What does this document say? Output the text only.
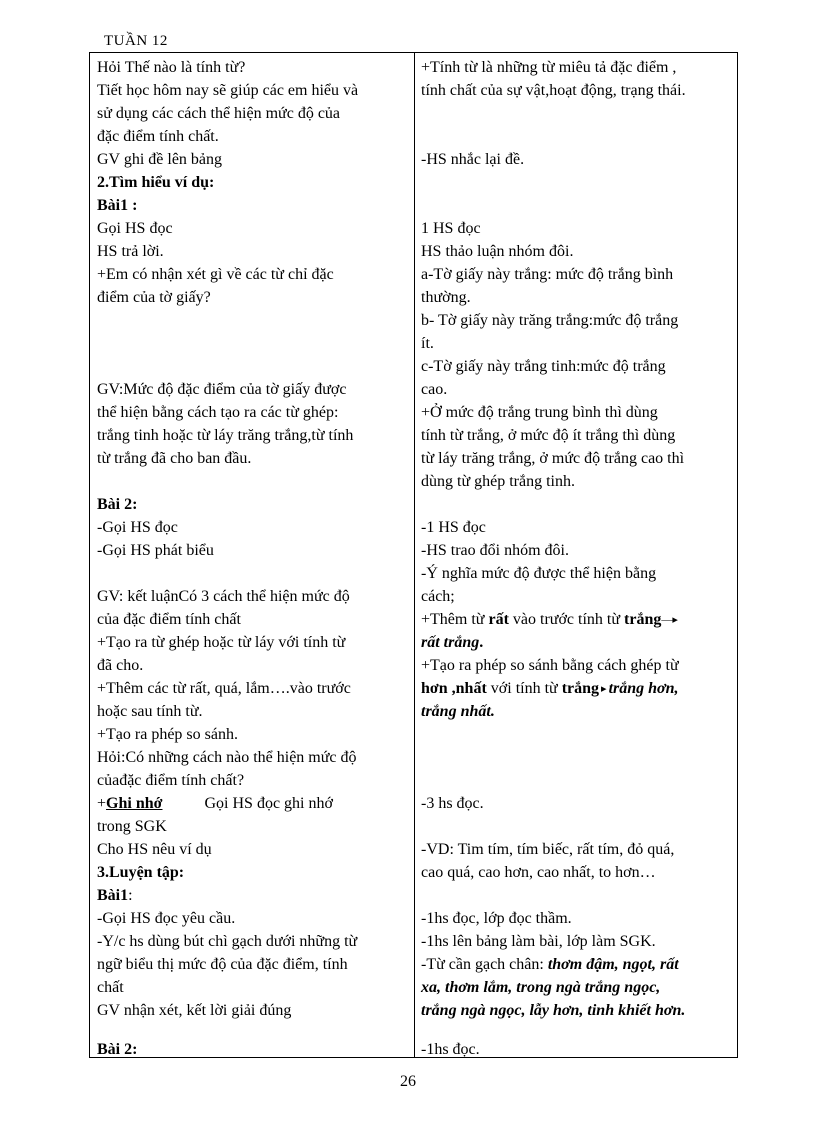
TUẦN 12
Hỏi Thế nào là tính từ?
Tiết học hôm nay sẽ giúp các em hiểu và
sử dụng các cách thể hiện mức độ của
đặc điểm tính chất.
GV ghi đề lên bảng
2.Tìm hiểu ví dụ:
Bài1 :
Gọi HS đọc
HS trả lời.
+Em có nhận xét gì về các từ chỉ đặc
điểm của tờ giấy?
GV:Mức độ đặc điểm của tờ giấy được
thể hiện bằng cách tạo ra các từ ghép:
trắng tinh hoặc từ láy trăng trắng,từ tính
từ trắng đã cho ban đầu.
Bài 2:
-Gọi HS đọc
-Gọi HS phát biểu
GV: kết luậnCó 3 cách thể hiện mức độ
của đặc điểm tính chất
+Tạo ra từ ghép hoặc từ láy với tính từ
đã cho.
+Thêm các từ rất, quá, lắm….vào trước
hoặc sau tính từ.
+Tạo ra phép so sánh.
Hỏi:Có những cách nào thể hiện mức độ
củađặc điểm tính chất?
+Ghi nhớ	Gọi HS đọc ghi nhớ
trong SGK
Cho HS nêu ví dụ
3.Luyện tập:
Bài1:
-Gọi HS đọc yêu cầu.
-Y/c hs dùng bút chì gạch dưới những từ
ngữ biểu thị mức độ của đặc điểm, tính
chất
GV nhận xét, kết lời giải đúng
Bài 2:
+Tính từ là những từ miêu tả đặc điểm ,
tính chất của sự vật,hoạt động, trạng thái.
-HS nhắc lại đề.
1 HS đọc
HS thảo luận nhóm đôi.
a-Tờ giấy này trắng: mức độ trắng bình
thường.
b- Tờ giấy này trăng trắng:mức độ trắng
ít.
c-Tờ giấy này trắng tinh:mức độ trắng
cao.
+Ở mức độ trắng trung bình thì dùng
tính từ trắng, ở mức độ ít trắng thì dùng
từ láy trăng trắng, ở mức độ trắng cao thì
dùng từ ghép trắng tinh.
-1 HS đọc
-HS trao đổi nhóm đôi.
-Ý nghĩa mức độ được thể hiện bằng
cách;
+Thêm từ rất vào trước tính từ trắng—▸
rất trắng.
+Tạo ra phép so sánh bằng cách ghép từ
hơn ,nhất với tính từ trắng ▸ trắng hơn,
trắng nhất.
-3 hs đọc.
-VD: Tim tím, tím biếc, rất tím, đỏ quá,
cao quá, cao hơn, cao nhất, to hơn…
-1hs đọc, lớp đọc thầm.
-1hs lên bảng làm bài, lớp làm SGK.
-Từ cần gạch chân: thơm đậm, ngọt, rất
xa, thơm lắm, trong ngà trắng ngọc,
trắng ngà ngọc, lẫy hơn, tinh khiết hơn.
-1hs đọc.
26
